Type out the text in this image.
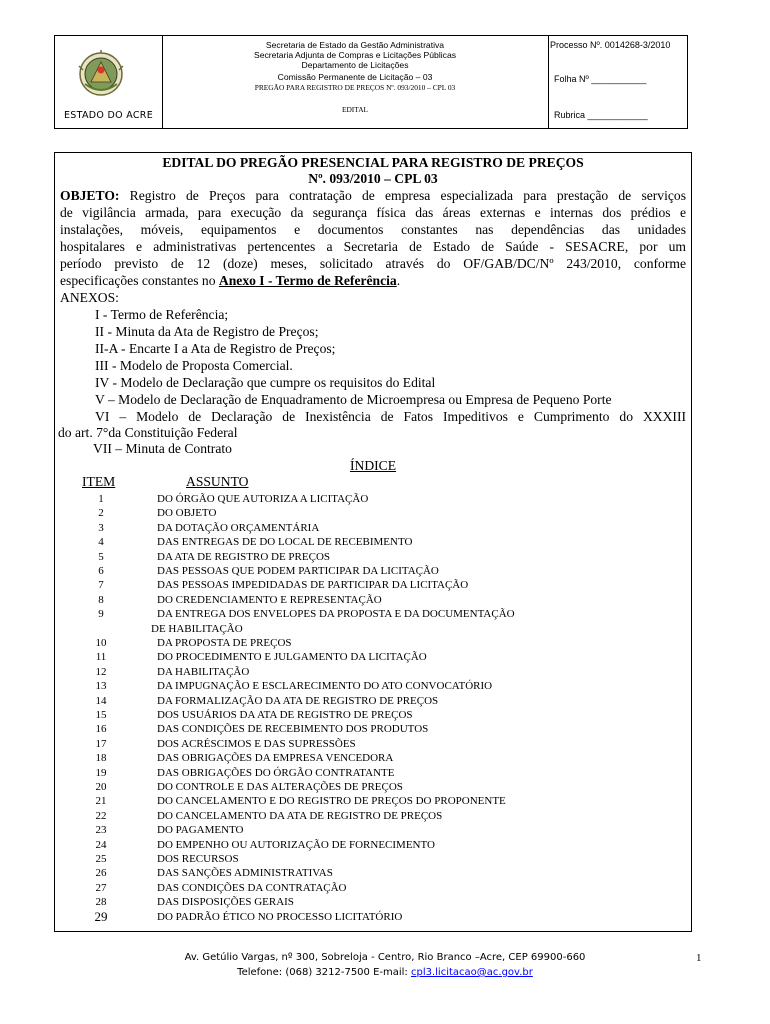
ESTADO DO ACRE
Secretaria de Estado da Gestão Administrativa
Secretaria Adjunta de Compras e Licitações Públicas
Departamento de Licitações
Comissão Permanente de Licitação – 03
PREGÃO PARA REGISTRO DE PREÇOS Nº. 093/2010 – CPL 03
EDITAL
Processo Nº. 0014268-3/2010
Folha Nº ___________
Rubrica ____________
EDITAL DO PREGÃO PRESENCIAL PARA REGISTRO DE PREÇOS
Nº. 093/2010 – CPL 03
OBJETO: Registro de Preços para contratação de empresa especializada para prestação de serviços
de vigilância armada, para execução da segurança física das áreas externas e internas dos prédios e
instalações, móveis, equipamentos e documentos constantes nas dependências das unidades
hospitalares e administrativas pertencentes a Secretaria de Estado de Saúde - SESACRE, por um
período previsto de 12 (doze) meses, solicitado através do OF/GAB/DC/Nº 243/2010, conforme
especificações constantes no Anexo I - Termo de Referência.
ANEXOS:
I - Termo de Referência;
II - Minuta da Ata de Registro de Preços;
II-A - Encarte I a Ata de Registro de Preços;
III - Modelo de Proposta Comercial.
IV - Modelo de Declaração que cumpre os requisitos do Edital
V – Modelo de Declaração de Enquadramento de Microempresa ou Empresa de Pequeno Porte
VI – Modelo de Declaração de Inexistência de Fatos Impeditivos e Cumprimento do XXXIII
do art. 7°da Constituição Federal
VII – Minuta de Contrato
ÍNDICE
ITEM	ASSUNTO
1	DO ÓRGÃO QUE AUTORIZA A LICITAÇÃO
2	DO OBJETO
3	DA DOTAÇÃO ORÇAMENTÁRIA
4	DAS ENTREGAS DE DO LOCAL DE RECEBIMENTO
5	DA ATA DE REGISTRO DE PREÇOS
6	DAS PESSOAS QUE PODEM PARTICIPAR DA LICITAÇÃO
7	DAS PESSOAS IMPEDIDADAS DE PARTICIPAR DA LICITAÇÃO
8	DO CREDENCIAMENTO E REPRESENTAÇÃO
9	DA ENTREGA DOS ENVELOPES DA PROPOSTA E DA DOCUMENTAÇÃO
DE HABILITAÇÃO
10	DA PROPOSTA DE PREÇOS
11	DO PROCEDIMENTO E JULGAMENTO DA LICITAÇÃO
12	DA HABILITAÇÃO
13	DA IMPUGNAÇÃO E ESCLARECIMENTO DO ATO CONVOCATÓRIO
14	DA FORMALIZAÇÃO DA ATA DE REGISTRO DE PREÇOS
15	DOS USUÁRIOS DA ATA DE REGISTRO DE PREÇOS
16	DAS CONDIÇÕES DE RECEBIMENTO DOS PRODUTOS
17	DOS ACRÉSCIMOS E DAS SUPRESSÕES
18	DAS OBRIGAÇÕES DA EMPRESA VENCEDORA
19	DAS OBRIGAÇÕES DO ÓRGÃO CONTRATANTE
20	DO CONTROLE E DAS ALTERAÇÕES DE PREÇOS
21	DO CANCELAMENTO E DO REGISTRO DE PREÇOS DO PROPONENTE
22	DO CANCELAMENTO DA ATA DE REGISTRO DE PREÇOS
23	DO PAGAMENTO
24	DO EMPENHO OU AUTORIZAÇÃO DE FORNECIMENTO
25	DOS RECURSOS
26	DAS SANÇÕES ADMINISTRATIVAS
27	DAS CONDIÇÕES DA CONTRATAÇÃO
28	DAS DISPOSIÇÕES GERAIS
29	DO PADRÃO ÉTICO NO PROCESSO LICITATÓRIO
Av. Getúlio Vargas, nº 300, Sobreloja - Centro, Rio Branco –Acre, CEP 69900-660
Telefone: (068) 3212-7500 E-mail: cpl3.licitacao@ac.gov.br
1
